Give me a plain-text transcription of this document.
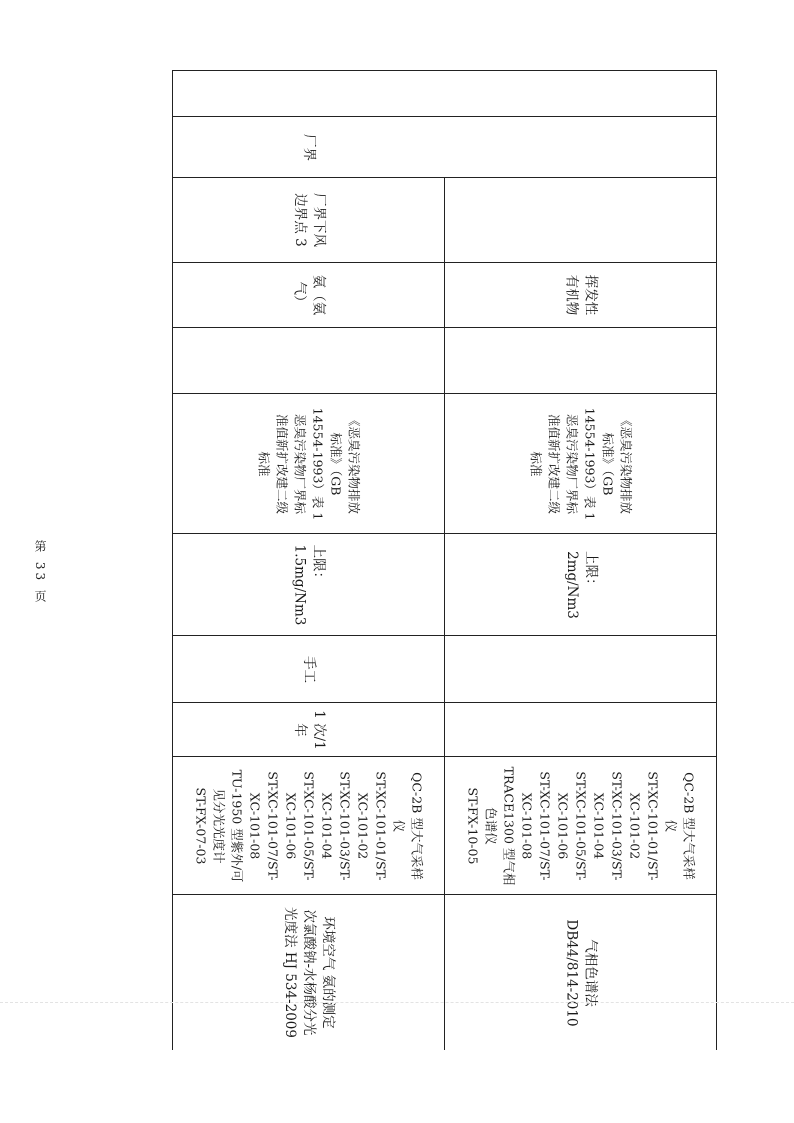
第 33 页
挥发性
有机物
《恶臭污染物排放
标准》（GB
14554-1993）表 1
恶臭污染物厂界标
准值新扩改建二级
标准
上限：
2mg/Nm3
QC-2B 型大气采样
仪
ST-XC-101-01/ST-
XC-101-02
ST-XC-101-03/ST-
XC-101-04
ST-XC-101-05/ST-
XC-101-06
ST-XC-101-07/ST-
XC-101-08
TRACE1300 型气相
色谱仪
ST-FX-10-05
气相色谱法
DB44/814-2010
厂界
厂界下风
边界点 3
氨（氨
气）
《恶臭污染物排放
标准》（GB
14554-1993）表 1
恶臭污染物厂界标
准值新扩改建二级
标准
上限：
1.5mg/Nm3
手工
1 次/1
年
QC-2B 型大气采样
仪
ST-XC-101-01/ST-
XC-101-02
ST-XC-101-03/ST-
XC-101-04
ST-XC-101-05/ST-
XC-101-06
ST-XC-101-07/ST-
XC-101-08
TU-1950 型紫外/可
见分光光度计
ST-FX-07-03
环境空气 氨的测定
次氯酸钠-水杨酸分光
光度法 HJ 534-2009
